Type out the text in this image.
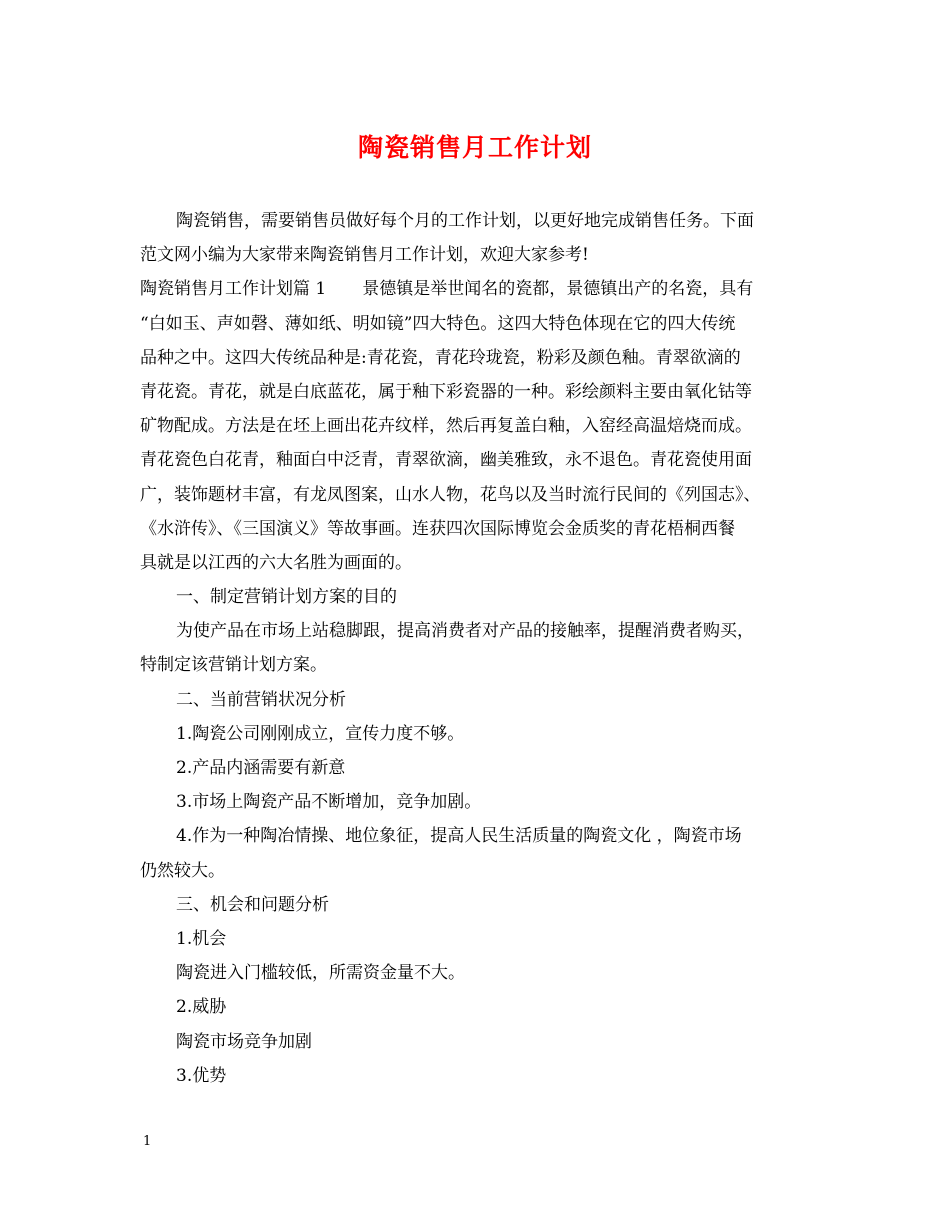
陶瓷销售月工作计划
陶瓷销售，需要销售员做好每个月的工作计划，以更好地完成销售任务。下面
范文网小编为大家带来陶瓷销售月工作计划，欢迎大家参考!
陶瓷销售月工作计划篇 1 景德镇是举世闻名的瓷都，景德镇出产的名瓷，具有
“白如玉、声如磬、薄如纸、明如镜”四大特色。这四大特色体现在它的四大传统
品种之中。这四大传统品种是:青花瓷，青花玲珑瓷，粉彩及颜色釉。青翠欲滴的
青花瓷。青花，就是白底蓝花，属于釉下彩瓷器的一种。彩绘颜料主要由氧化钴等
矿物配成。方法是在坯上画出花卉纹样，然后再复盖白釉，入窑经高温焙烧而成。
青花瓷色白花青，釉面白中泛青，青翠欲滴，幽美雅致，永不退色。青花瓷使用面
广，装饰题材丰富，有龙凤图案，山水人物，花鸟以及当时流行民间的《列国志》、
《水浒传》、《三国演义》等故事画。连获四次国际博览会金质奖的青花梧桐西餐
具就是以江西的六大名胜为画面的。
一、制定营销计划方案的目的
为使产品在市场上站稳脚跟，提高消费者对产品的接触率，提醒消费者购买，
特制定该营销计划方案。
二、当前营销状况分析
1.陶瓷公司刚刚成立，宣传力度不够。
2.产品内涵需要有新意
3.市场上陶瓷产品不断增加，竞争加剧。
4.作为一种陶冶情操、地位象征，提高人民生活质量的陶瓷文化 ，陶瓷市场
仍然较大。
三、机会和问题分析
1.机会
陶瓷进入门槛较低，所需资金量不大。
2.威胁
陶瓷市场竞争加剧
3.优势
1
